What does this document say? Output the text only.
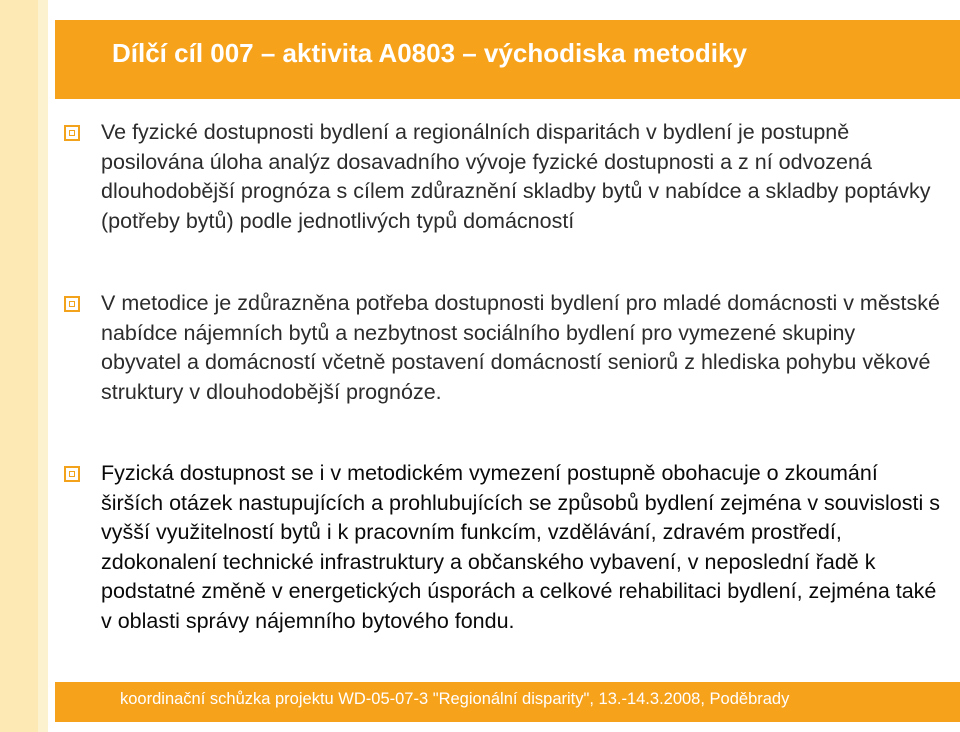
Dílčí cíl 007 – aktivita A0803 – východiska metodiky

Ve fyzické dostupnosti bydlení a regionálních disparitách v bydlení je postupně posilována úloha analýz dosavadního vývoje fyzické dostupnosti a z ní odvozená dlouhodobější prognóza s cílem zdůraznění skladby bytů v nabídce a skladby poptávky (potřeby bytů) podle jednotlivých typů domácností

V metodice je zdůrazněna potřeba dostupnosti bydlení pro mladé domácnosti v městské nabídce nájemních bytů a nezbytnost sociálního bydlení pro vymezené skupiny obyvatel a domácností včetně postavení domácností seniorů z hlediska pohybu věkové struktury v dlouhodobější prognóze.

Fyzická dostupnost se i v metodickém vymezení postupně obohacuje o zkoumání širších otázek nastupujících a prohlubujících se způsobů bydlení zejména v souvislosti s vyšší využitelností bytů i k pracovním funkcím, vzdělávání, zdravém prostředí, zdokonalení technické infrastruktury a občanského vybavení, v neposlední řadě k podstatné změně v energetických úsporách a celkové rehabilitaci bydlení, zejména také v oblasti správy nájemního bytového fondu.

koordinační schůzka projektu WD-05-07-3 "Regionální disparity", 13.-14.3.2008, Poděbrady
